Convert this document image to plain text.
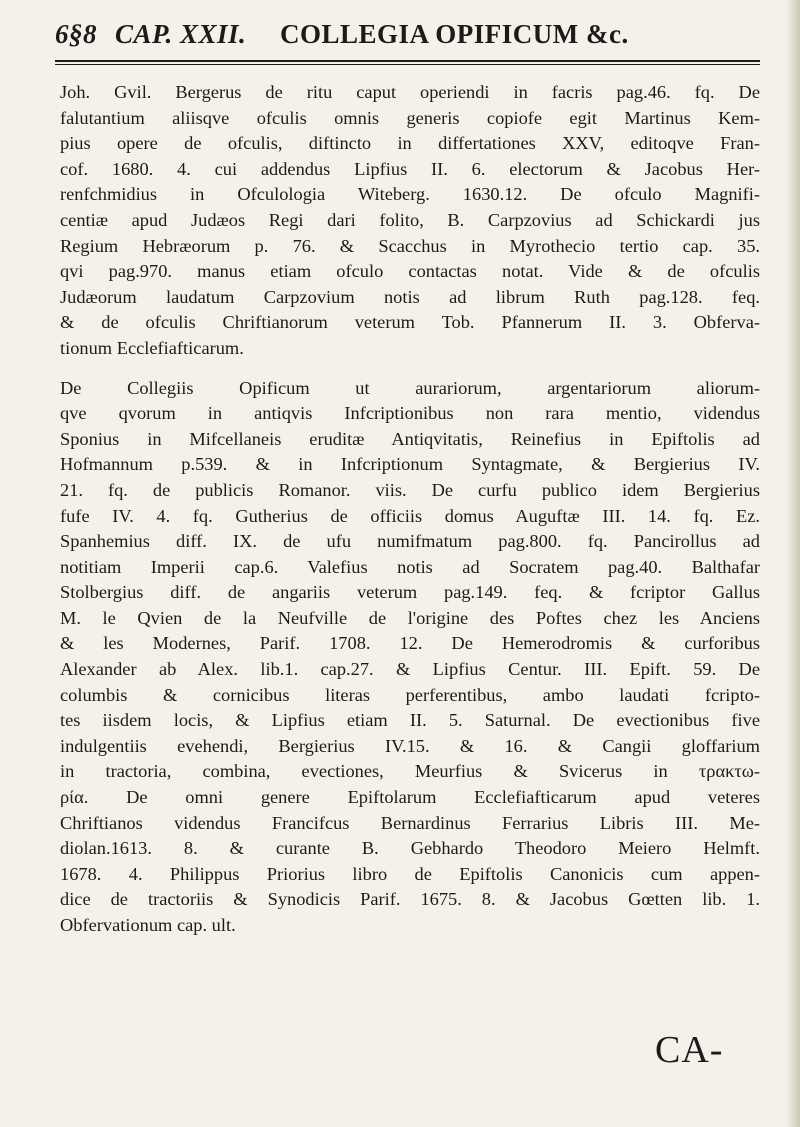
6§8 CAP. XXII.	COLLEGIA OPIFICUM &c.
Joh. Gvil. Bergerus de ritu caput operiendi in facris pag.46. fq. De
falutantium aliisqve ofculis omnis generis copiofe egit Martinus Kem-
pius opere de ofculis, diftincto in differtationes XXV, editoqve Fran-
cof. 1680. 4. cui addendus Lipfius II. 6. electorum & Jacobus Her-
renfchmidius in Ofculologia Witeberg. 1630.12. De ofculo Magnifi-
centiæ apud Judæos Regi dari folito, B. Carpzovius ad Schickardi jus
Regium Hebræorum p. 76. & Scacchus in Myrothecio tertio cap. 35.
qvi pag.970. manus etiam ofculo contactas notat. Vide & de ofculis
Judæorum laudatum Carpzovium notis ad librum Ruth pag.128. feq.
& de ofculis Chriftianorum veterum Tob. Pfannerum II. 3. Obferva-
tionum Ecclefiafticarum.
De Collegiis Opificum ut aurariorum, argentariorum aliorum-
qve qvorum in antiqvis Infcriptionibus non rara mentio, videndus
Sponius in Mifcellaneis eruditæ Antiqvitatis, Reinefius in Epiftolis ad
Hofmannum p.539. & in Infcriptionum Syntagmate, & Bergierius IV.
21. fq. de publicis Romanor. viis. De curfu publico idem Bergierius
fufe IV. 4. fq. Gutherius de officiis domus Auguftæ III. 14. fq. Ez.
Spanhemius diff. IX. de ufu numifmatum pag.800. fq. Pancirollus ad
notitiam Imperii cap.6. Valefius notis ad Socratem pag.40. Balthafar
Stolbergius diff. de angariis veterum pag.149. feq. & fcriptor Gallus
M. le Qvien de la Neufville de l'origine des Poftes chez les Anciens
& les Modernes, Parif. 1708. 12. De Hemerodromis & curforibus
Alexander ab Alex. lib.1. cap.27. & Lipfius Centur. III. Epift. 59. De
columbis & cornicibus literas perferentibus, ambo laudati fcripto-
tes iisdem locis, & Lipfius etiam II. 5. Saturnal. De evectionibus five
indulgentiis evehendi, Bergierius IV.15. & 16. & Cangii gloffarium
in tractoria, combina, evectiones, Meurfius & Svicerus in τρακτω-
ρία. De omni genere Epiftolarum Ecclefiafticarum apud veteres
Chriftianos videndus Francifcus Bernardinus Ferrarius Libris III. Me-
diolan.1613. 8. & curante B. Gebhardo Theodoro Meiero Helmft.
1678. 4. Philippus Priorius libro de Epiftolis Canonicis cum appen-
dice de tractoriis & Synodicis Parif. 1675. 8. & Jacobus Gœtten lib. 1.
Obfervationum cap. ult.
CA-
